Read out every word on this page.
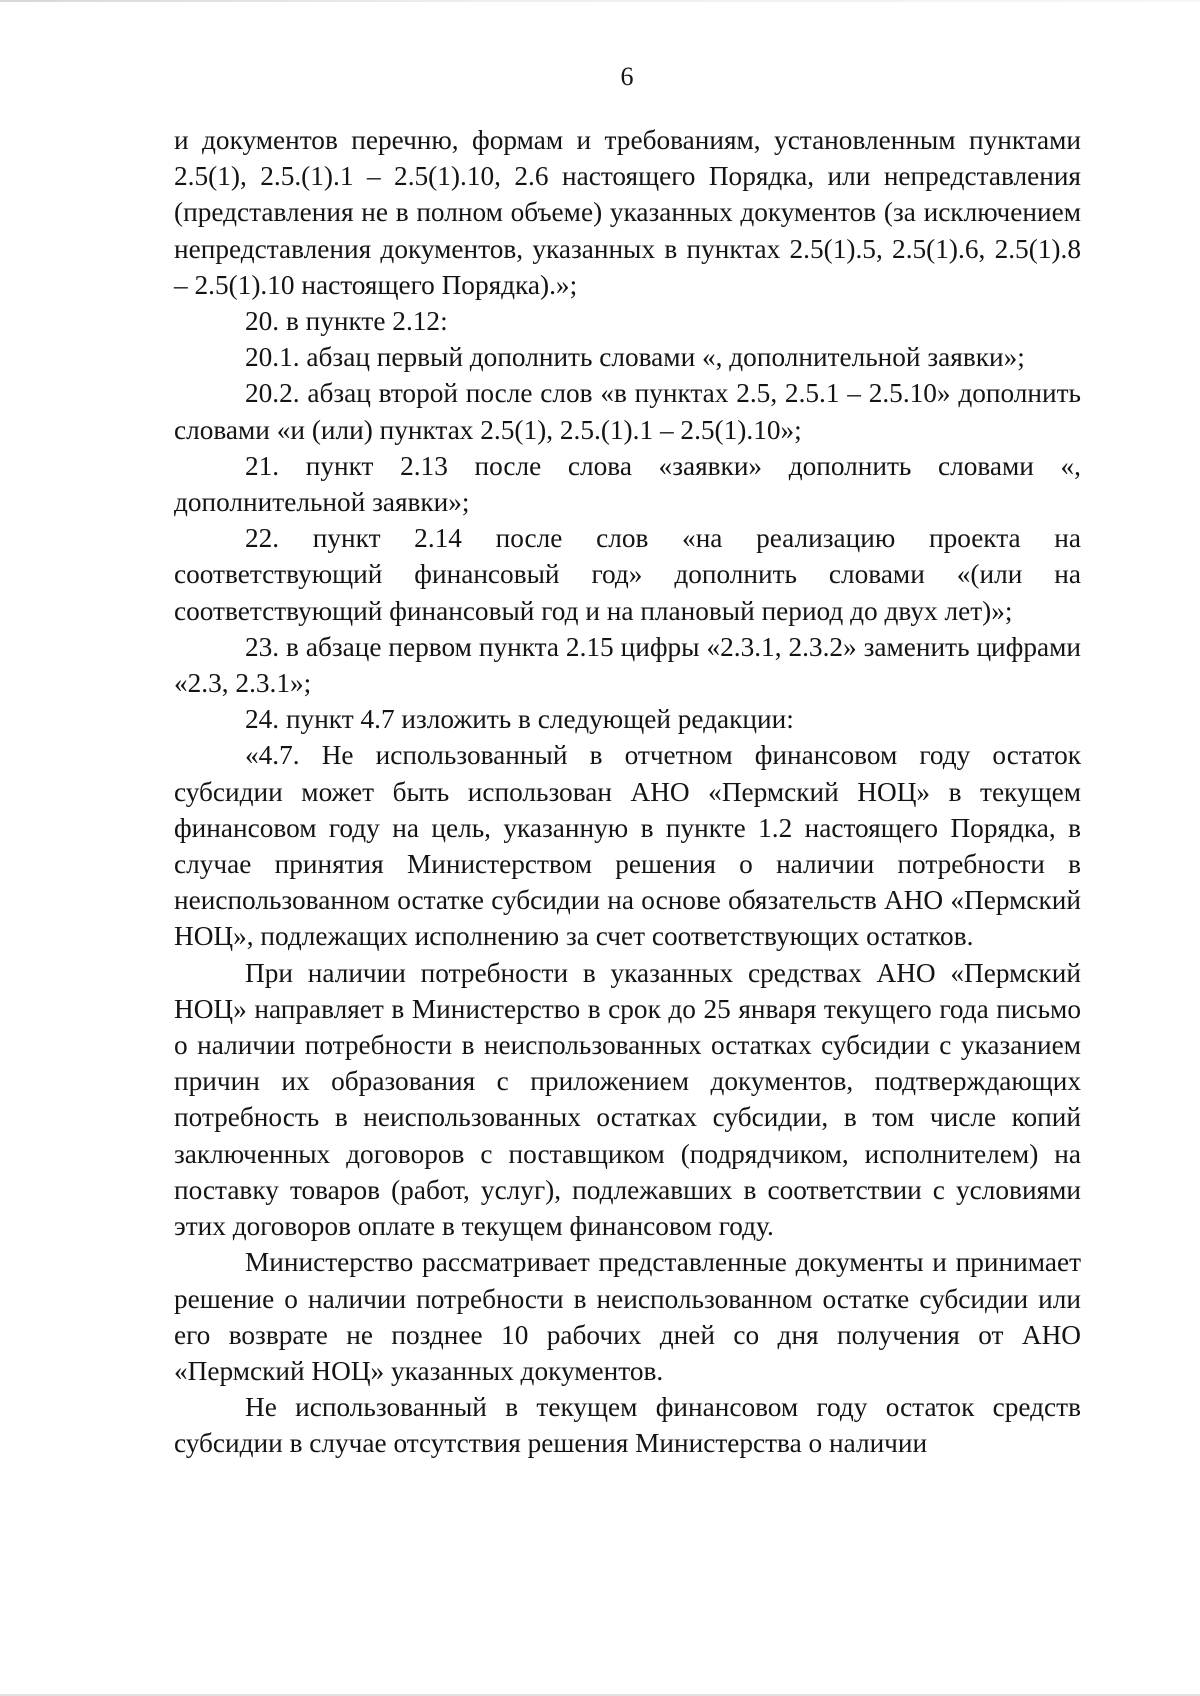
6

и документов перечню, формам и требованиям, установленным пунктами 2.5(1), 2.5.(1).1 – 2.5(1).10, 2.6 настоящего Порядка, или непредставления (представления не в полном объеме) указанных документов (за исключением непредставления документов, указанных в пунктах 2.5(1).5, 2.5(1).6, 2.5(1).8 – 2.5(1).10 настоящего Порядка).»;

20. в пункте 2.12:

20.1. абзац первый дополнить словами «, дополнительной заявки»;

20.2. абзац второй после слов «в пунктах 2.5, 2.5.1 – 2.5.10» дополнить словами «и (или) пунктах 2.5(1), 2.5.(1).1 – 2.5(1).10»;

21. пункт 2.13 после слова «заявки» дополнить словами «, дополнительной заявки»;

22. пункт 2.14 после слов «на реализацию проекта на соответствующий финансовый год» дополнить словами «(или на соответствующий финансовый год и на плановый период до двух лет)»;

23. в абзаце первом пункта 2.15 цифры «2.3.1, 2.3.2» заменить цифрами «2.3, 2.3.1»;

24. пункт 4.7 изложить в следующей редакции:

«4.7. Не использованный в отчетном финансовом году остаток субсидии может быть использован АНО «Пермский НОЦ» в текущем финансовом году на цель, указанную в пункте 1.2 настоящего Порядка, в случае принятия Министерством решения о наличии потребности в неиспользованном остатке субсидии на основе обязательств АНО «Пермский НОЦ», подлежащих исполнению за счет соответствующих остатков.

При наличии потребности в указанных средствах АНО «Пермский НОЦ» направляет в Министерство в срок до 25 января текущего года письмо о наличии потребности в неиспользованных остатках субсидии с указанием причин их образования с приложением документов, подтверждающих потребность в неиспользованных остатках субсидии, в том числе копий заключенных договоров с поставщиком (подрядчиком, исполнителем) на поставку товаров (работ, услуг), подлежавших в соответствии с условиями этих договоров оплате в текущем финансовом году.

Министерство рассматривает представленные документы и принимает решение о наличии потребности в неиспользованном остатке субсидии или его возврате не позднее 10 рабочих дней со дня получения от АНО «Пермский НОЦ» указанных документов.

Не использованный в текущем финансовом году остаток средств субсидии в случае отсутствия решения Министерства о наличии
